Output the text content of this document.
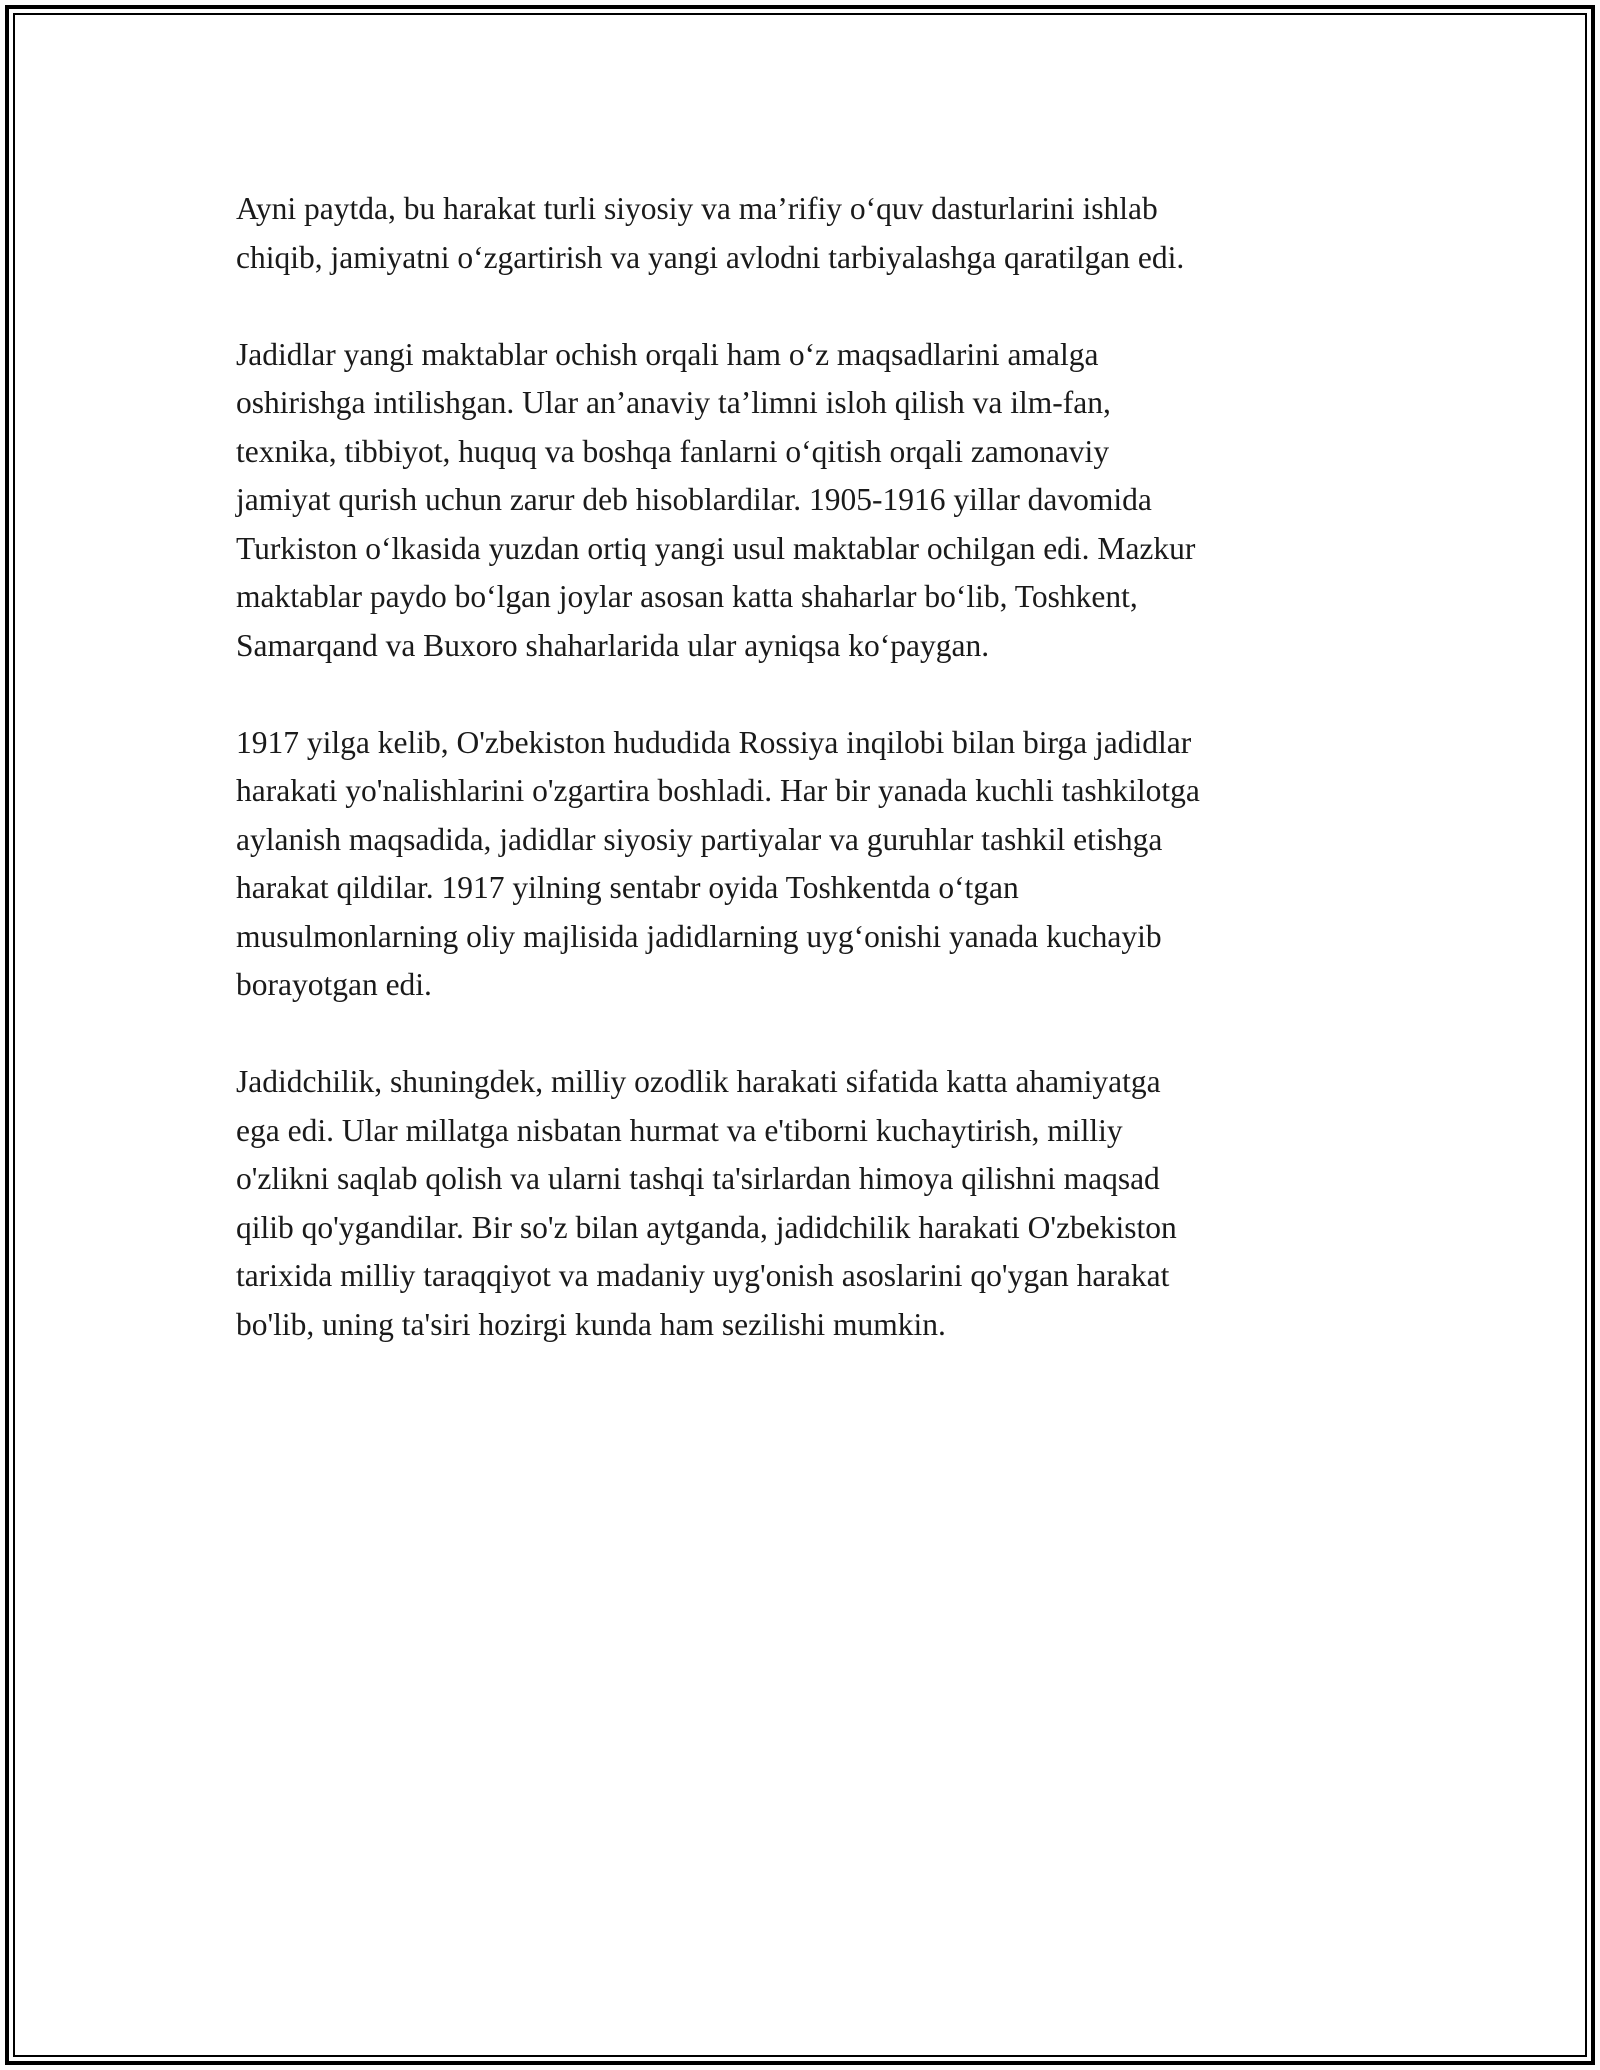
Ayni paytda, bu harakat turli siyosiy va ma’rifiy o‘quv dasturlarini ishlab
chiqib, jamiyatni o‘zgartirish va yangi avlodni tarbiyalashga qaratilgan edi.

Jadidlar yangi maktablar ochish orqali ham o‘z maqsadlarini amalga
oshirishga intilishgan. Ular an’anaviy ta’limni isloh qilish va ilm-fan,
texnika, tibbiyot, huquq va boshqa fanlarni o‘qitish orqali zamonaviy
jamiyat qurish uchun zarur deb hisoblardilar. 1905-1916 yillar davomida
Turkiston o‘lkasida yuzdan ortiq yangi usul maktablar ochilgan edi. Mazkur
maktablar paydo bo‘lgan joylar asosan katta shaharlar bo‘lib, Toshkent,
Samarqand va Buxoro shaharlarida ular ayniqsa ko‘paygan.

1917 yilga kelib, O'zbekiston hududida Rossiya inqilobi bilan birga jadidlar
harakati yo'nalishlarini o'zgartira boshladi. Har bir yanada kuchli tashkilotga
aylanish maqsadida, jadidlar siyosiy partiyalar va guruhlar tashkil etishga
harakat qildilar. 1917 yilning sentabr oyida Toshkentda o‘tgan
musulmonlarning oliy majlisida jadidlarning uyg‘onishi yanada kuchayib
borayotgan edi.

Jadidchilik, shuningdek, milliy ozodlik harakati sifatida katta ahamiyatga
ega edi. Ular millatga nisbatan hurmat va e'tiborni kuchaytirish, milliy
o'zlikni saqlab qolish va ularni tashqi ta'sirlardan himoya qilishni maqsad
qilib qo'ygandilar. Bir so'z bilan aytganda, jadidchilik harakati O'zbekiston
tarixida milliy taraqqiyot va madaniy uyg'onish asoslarini qo'ygan harakat
bo'lib, uning ta'siri hozirgi kunda ham sezilishi mumkin.
